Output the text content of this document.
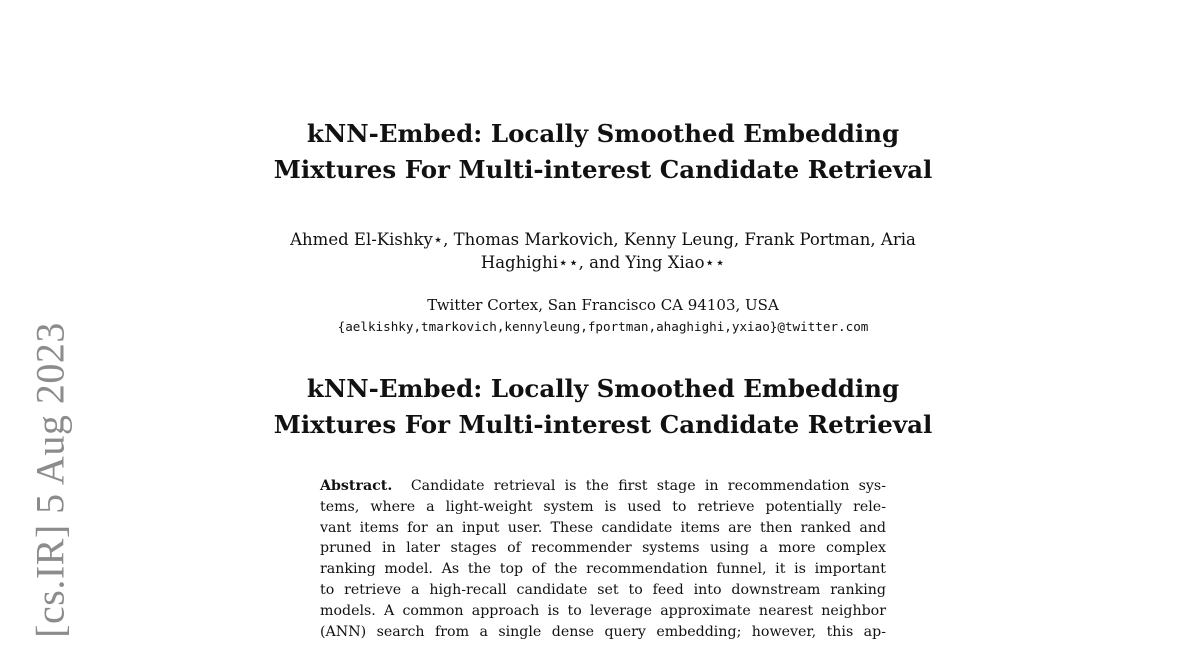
[cs.IR] 5 Aug 2023
kNN-Embed: Locally Smoothed Embedding
Mixtures For Multi-interest Candidate Retrieval
Ahmed El-Kishky⋆, Thomas Markovich, Kenny Leung, Frank Portman, Aria
Haghighi⋆⋆, and Ying Xiao⋆⋆
Twitter Cortex, San Francisco CA 94103, USA
{aelkishky,tmarkovich,kennyleung,fportman,ahaghighi,yxiao}@twitter.com
kNN-Embed: Locally Smoothed Embedding
Mixtures For Multi-interest Candidate Retrieval
Abstract. Candidate retrieval is the first stage in recommendation sys-
tems, where a light-weight system is used to retrieve potentially rele-
vant items for an input user. These candidate items are then ranked and
pruned in later stages of recommender systems using a more complex
ranking model. As the top of the recommendation funnel, it is important
to retrieve a high-recall candidate set to feed into downstream ranking
models. A common approach is to leverage approximate nearest neighbor
(ANN) search from a single dense query embedding; however, this ap-
